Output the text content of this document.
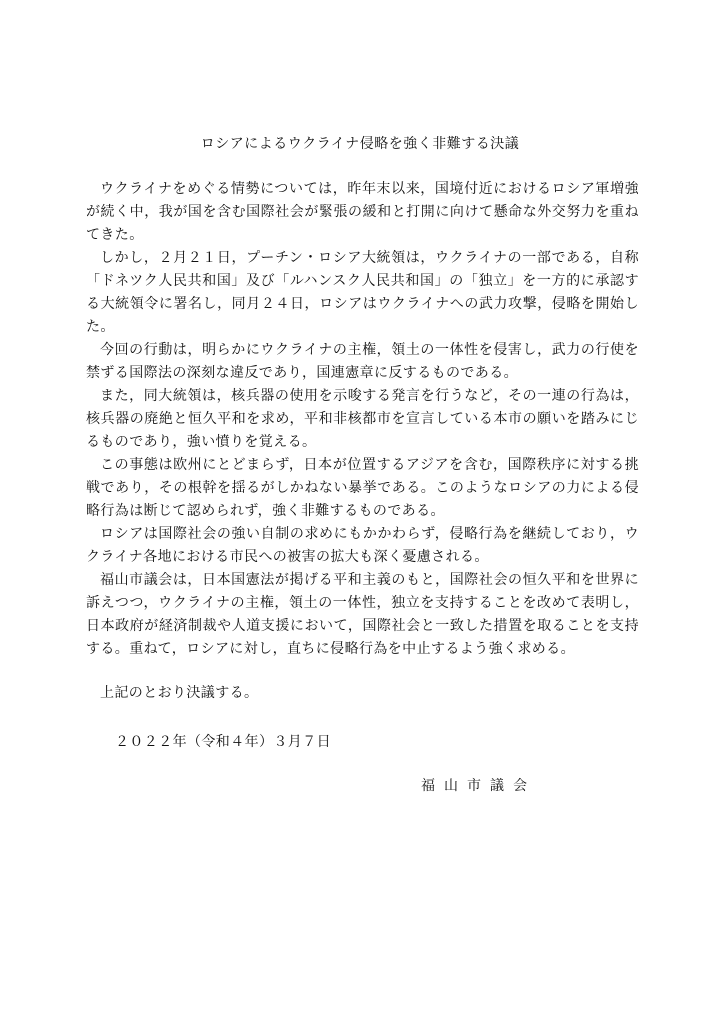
ロシアによるウクライナ侵略を強く非難する決議

ウクライナをめぐる情勢については，昨年末以来，国境付近におけるロシア軍増強が続く中，我が国を含む国際社会が緊張の緩和と打開に向けて懸命な外交努力を重ねてきた。

しかし，２月２１日，プーチン・ロシア大統領は，ウクライナの一部である，自称「ドネツク人民共和国」及び「ルハンスク人民共和国」の「独立」を一方的に承認する大統領令に署名し，同月２４日，ロシアはウクライナへの武力攻撃，侵略を開始した。

今回の行動は，明らかにウクライナの主権，領土の一体性を侵害し，武力の行使を禁ずる国際法の深刻な違反であり，国連憲章に反するものである。

また，同大統領は，核兵器の使用を示唆する発言を行うなど，その一連の行為は，核兵器の廃絶と恒久平和を求め，平和非核都市を宣言している本市の願いを踏みにじるものであり，強い憤りを覚える。

この事態は欧州にとどまらず，日本が位置するアジアを含む，国際秩序に対する挑戦であり，その根幹を揺るがしかねない暴挙である。このようなロシアの力による侵略行為は断じて認められず，強く非難するものである。

ロシアは国際社会の強い自制の求めにもかかわらず，侵略行為を継続しており，ウクライナ各地における市民への被害の拡大も深く憂慮される。

福山市議会は，日本国憲法が掲げる平和主義のもと，国際社会の恒久平和を世界に訴えつつ，ウクライナの主権，領土の一体性，独立を支持することを改めて表明し，日本政府が経済制裁や人道支援において，国際社会と一致した措置を取ることを支持する。重ねて，ロシアに対し，直ちに侵略行為を中止するよう強く求める。

上記のとおり決議する。
２０２２年（令和４年）３月７日
福山市議会
